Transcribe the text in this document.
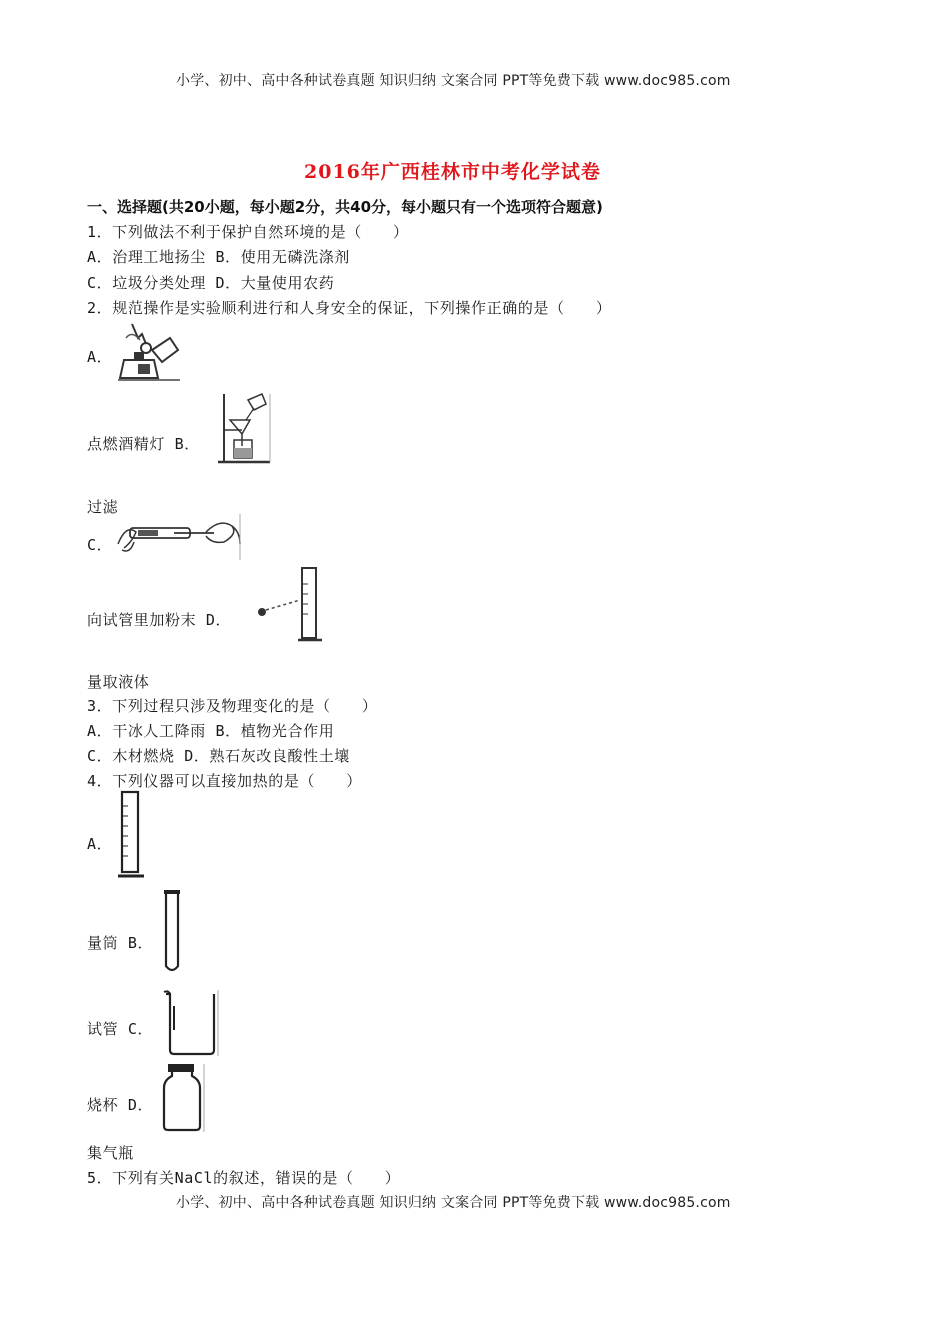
小学、初中、高中各种试卷真题 知识归纳 文案合同 PPT等免费下载 www.doc985.com
2016年广西桂林市中考化学试卷
一、选择题(共20小题，每小题2分，共40分，每小题只有一个选项符合题意)
1．下列做法不利于保护自然环境的是（　　）
A．治理工地扬尘 B．使用无磷洗涤剂
C．垃圾分类处理 D．大量使用农药
2．规范操作是实验顺利进行和人身安全的保证，下列操作正确的是（　　）
A．
点燃酒精灯 B．
过滤
C．
向试管里加粉末 D．
量取液体
3．下列过程只涉及物理变化的是（　　）
A．干冰人工降雨 B．植物光合作用
C．木材燃烧 D．熟石灰改良酸性土壤
4．下列仪器可以直接加热的是（　　）
A．
量筒 B．
试管 C．
烧杯 D．
集气瓶
5．下列有关NaCl的叙述，错误的是（　　）
小学、初中、高中各种试卷真题 知识归纳 文案合同 PPT等免费下载 www.doc985.com
